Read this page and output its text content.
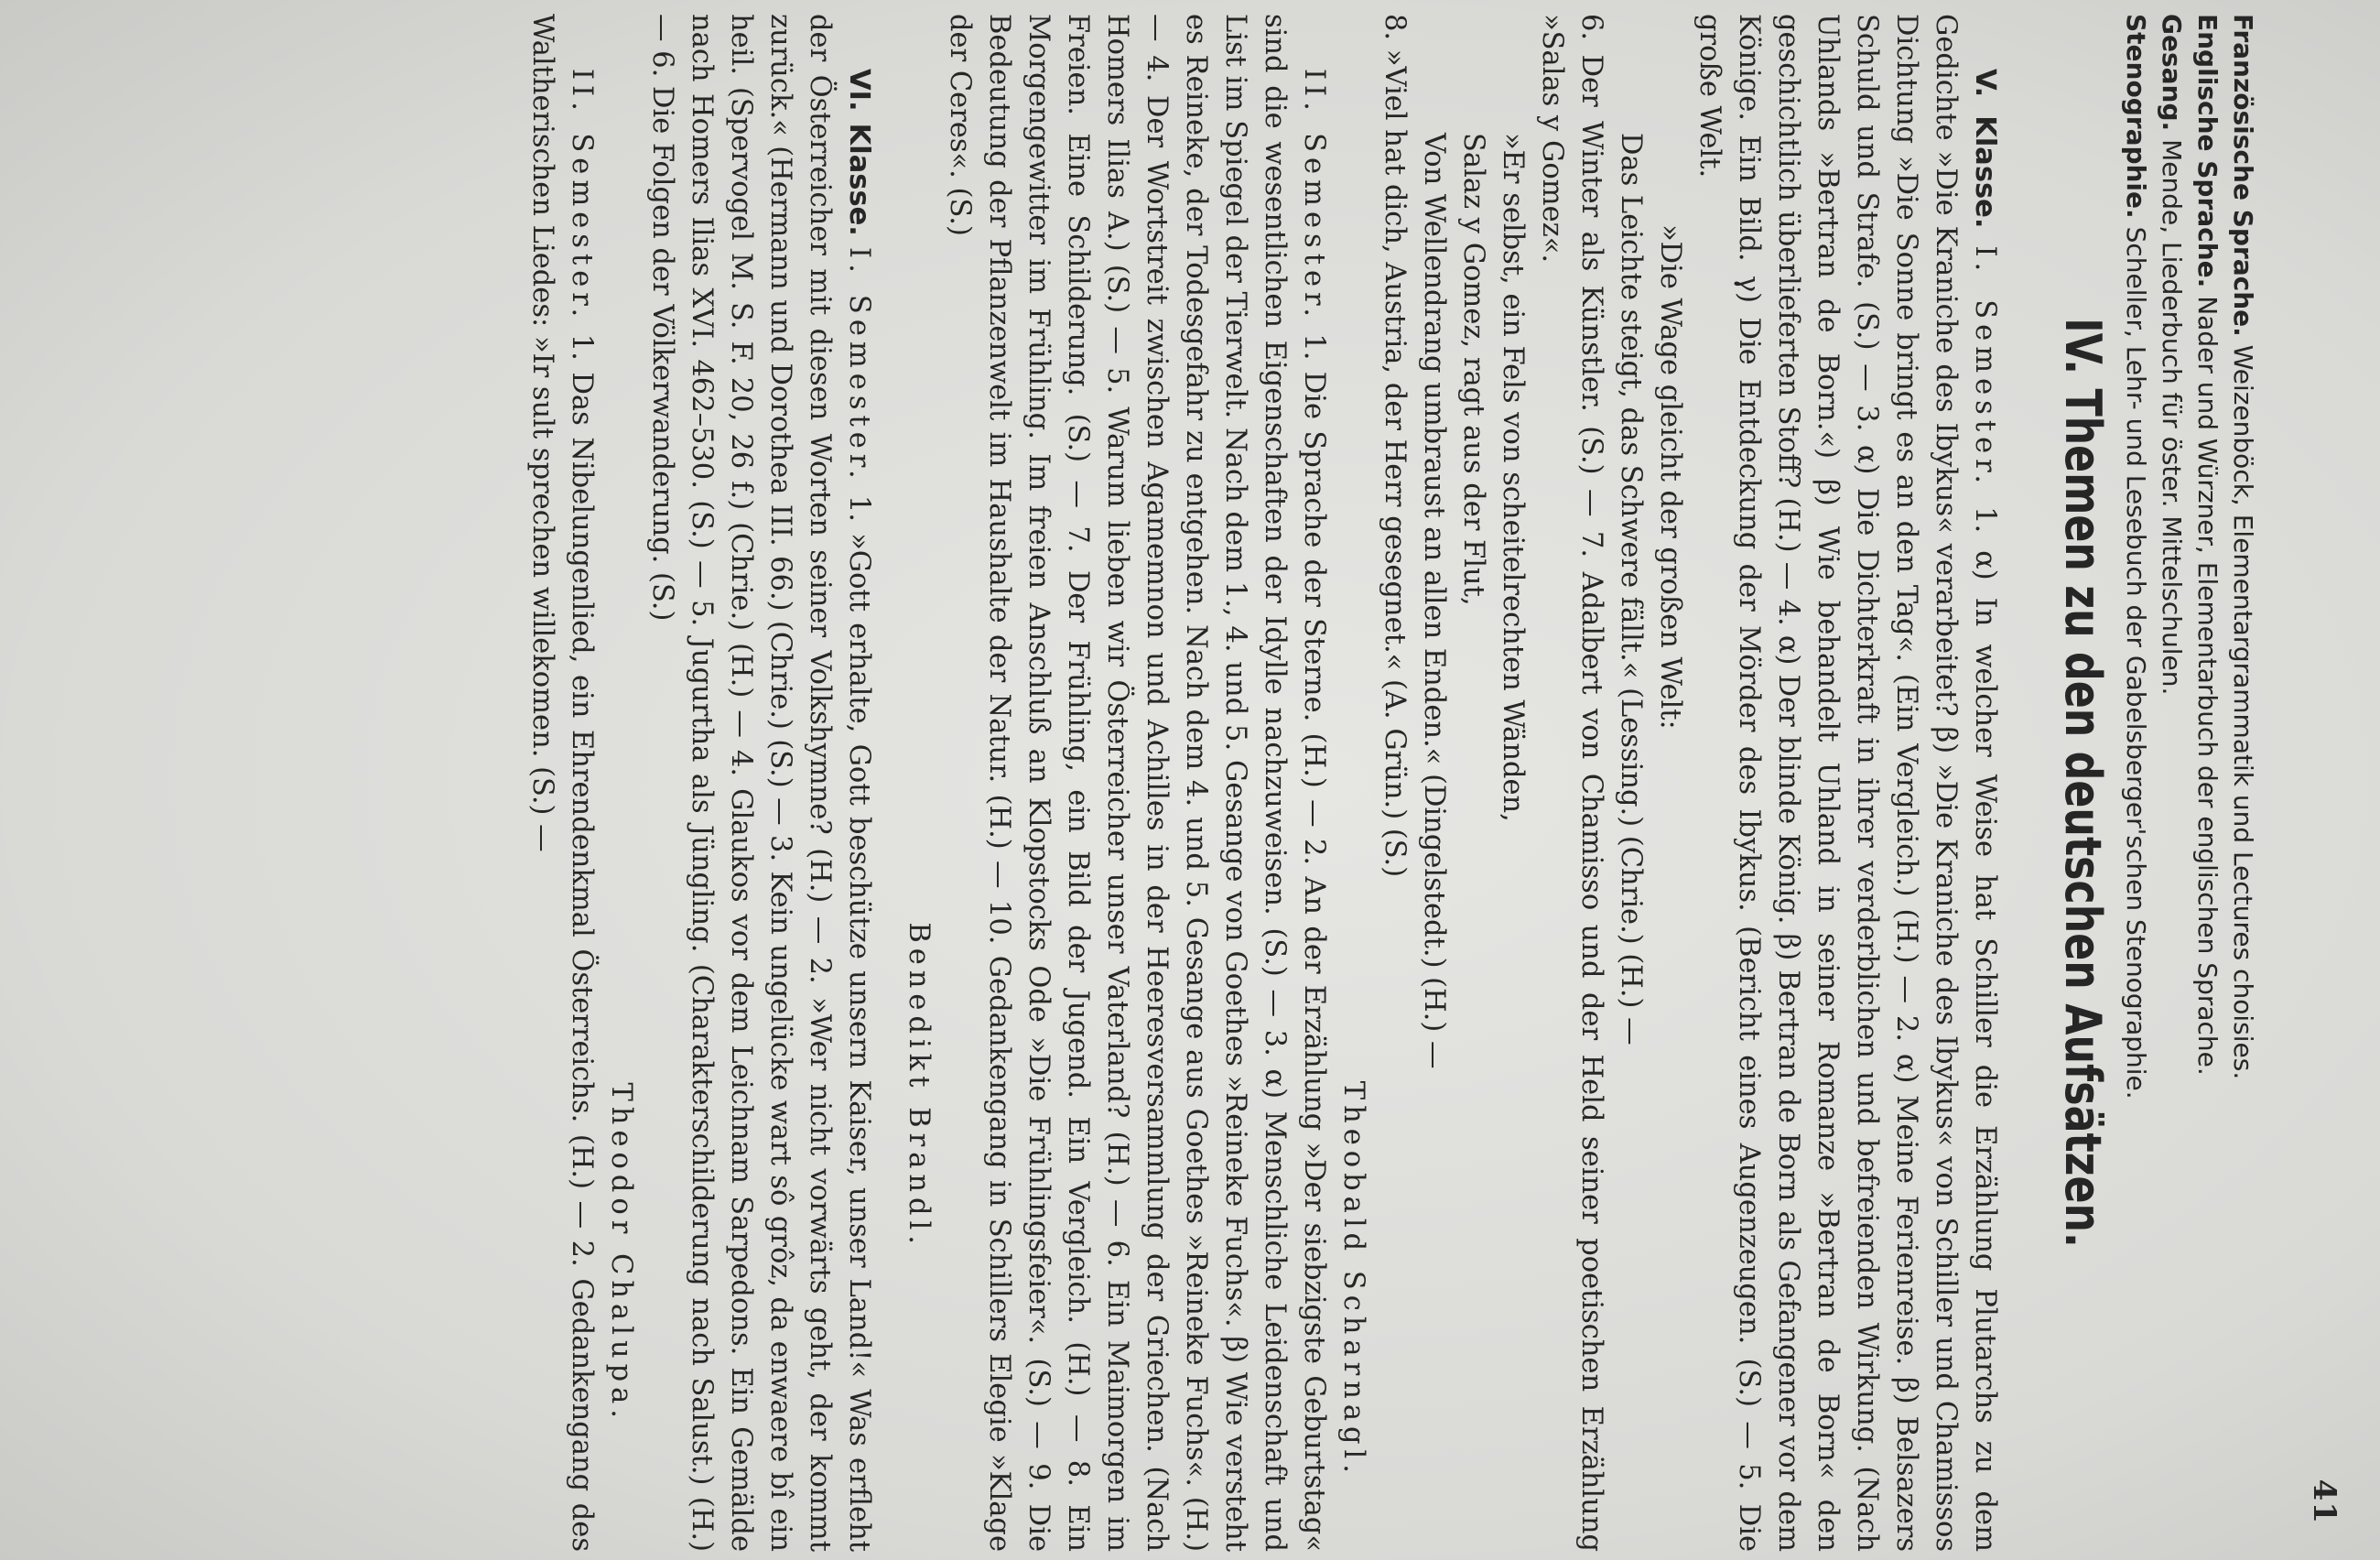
41

Französische Sprache. Weizenböck, Elementargrammatik und Lectures choisies.

Englische Sprache. Nader und Würzner, Elementarbuch der englischen Sprache.

Gesang. Mende, Liederbuch für öster. Mittelschulen.

Stenographie. Scheller, Lehr- und Lesebuch der Gabelsberger'schen Stenographie.

IV. Themen zu den deutschen Aufsätzen.

V. Klasse. I. Semester. 1. α) In welcher Weise hat Schiller die Erzählung Plutarchs zu dem Gedichte »Die Kraniche des Ibykus« verarbeitet? β) »Die Kraniche des Ibykus« von Schiller und Chamissos Dichtung »Die Sonne bringt es an den Tag«. (Ein Vergleich.) (H.) — 2. α) Meine Ferienreise. β) Belsazers Schuld und Strafe. (S.) — 3. α) Die Dichterkraft in ihrer verderblichen und befreienden Wirkung. (Nach Uhlands »Bertran de Born.«) β) Wie behandelt Uhland in seiner Romanze »Bertran de Born« den geschichtlich überlieferten Stoff? (H.) — 4. α) Der blinde König. β) Bertran de Born als Gefangener vor dem Könige. Ein Bild. γ) Die Entdeckung der Mörder des Ibykus. (Bericht eines Augenzeugen. (S.) — 5. Die große Welt.

»Die Wage gleicht der großen Welt:

Das Leichte steigt, das Schwere fällt.« (Lessing.) (Chrie.) (H.) —

6. Der Winter als Künstler. (S.) — 7. Adalbert von Chamisso und der Held seiner poetischen Erzählung »Salas y Gomez«.

»Er selbst, ein Fels von scheitelrechten Wänden,

Salaz y Gomez, ragt aus der Flut,

Von Wellendrang umbraust an allen Enden.« (Dingelstedt.) (H.) —

8. »Viel hat dich, Austria, der Herr gesegnet.« (A. Grün.) (S.)

Theobald Scharnagl.

II. Semester. 1. Die Sprache der Sterne. (H.) — 2. An der Erzählung »Der siebzigste Geburtstag« sind die wesentlichen Eigenschaften der Idylle nachzuweisen. (S.) — 3. α) Menschliche Leidenschaft und List im Spiegel der Tierwelt. Nach dem 1., 4. und 5. Gesange von Goethes »Reineke Fuchs«. β) Wie versteht es Reineke, der Todesgefahr zu entgehen. Nach dem 4. und 5. Gesange aus Goethes »Reineke Fuchs«. (H.) — 4. Der Wortstreit zwischen Agamemnon und Achilles in der Heeresversammlung der Griechen. (Nach Homers Ilias A.) (S.) — 5. Warum lieben wir Österreicher unser Vaterland? (H.) — 6. Ein Maimorgen im Freien. Eine Schilderung. (S.) — 7. Der Frühling, ein Bild der Jugend. Ein Vergleich. (H.) — 8. Ein Morgengewitter im Frühling. Im freien Anschluß an Klopstocks Ode »Die Frühlingsfeier«. (S.) — 9. Die Bedeutung der Pflanzenwelt im Haushalte der Natur. (H.) — 10. Gedankengang in Schillers Elegie »Klage der Ceres«. (S.)

Benedikt Brandl.

VI. Klasse. I. Semester. 1. »Gott erhalte, Gott beschütze unsern Kaiser, unser Land!« Was erfleht der Österreicher mit diesen Worten seiner Volkshymne? (H.) — 2. »Wer nicht vorwärts geht, der kommt zurück.« (Hermann und Dorothea III. 66.) (Chrie.) (S.) — 3. Kein ungelücke wart sô grôz, da enwaere bî ein heil. (Spervogel M. S. F. 20, 26 f.) (Chrie.) (H.) — 4. Glaukos vor dem Leichnam Sarpedons. Ein Gemälde nach Homers Ilias XVI. 462–530. (S.) — 5. Jugurtha als Jüngling. (Charakterschilderung nach Salust.) (H.) — 6. Die Folgen der Völkerwanderung. (S.)

Theodor Chalupa.

II. Semester. 1. Das Nibelungenlied, ein Ehrendenkmal Österreichs. (H.) — 2. Gedankengang des Waltherischen Liedes: »Ir sult sprechen willekomen. (S.) —
